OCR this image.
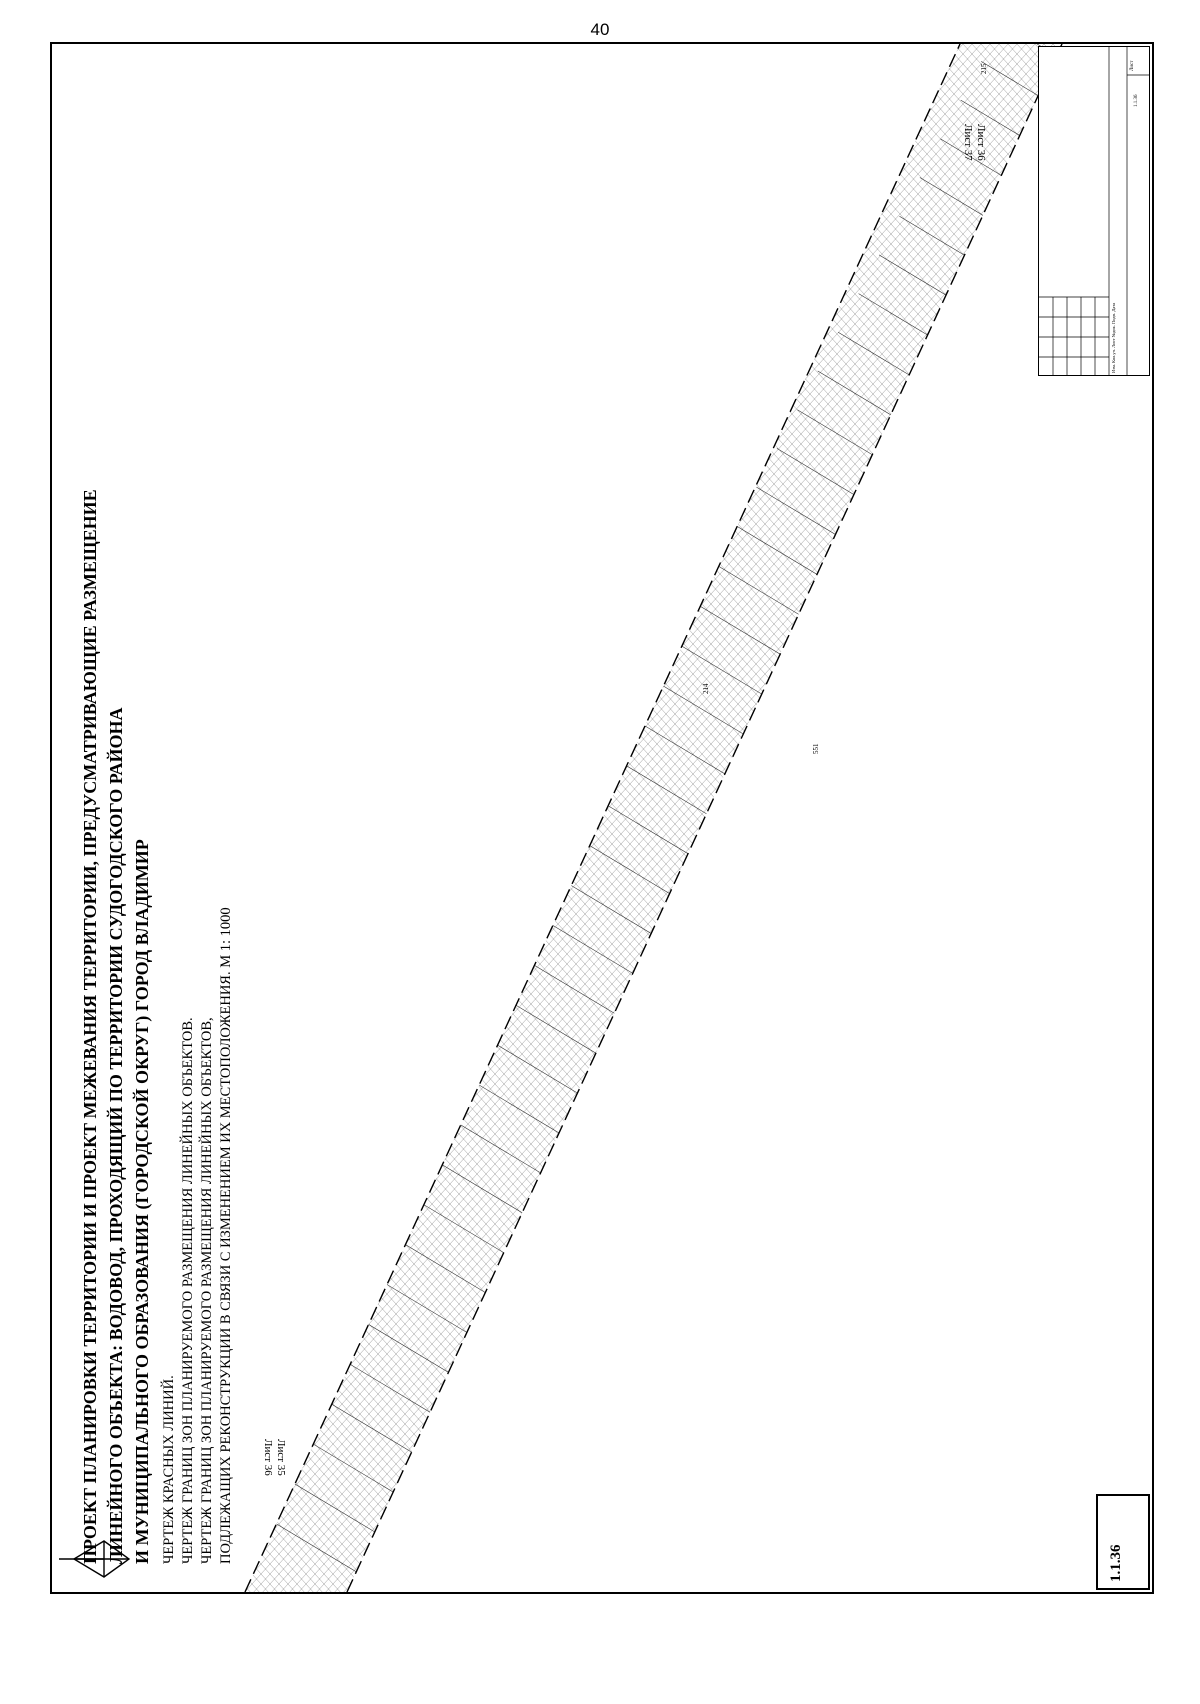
40
ПРОЕКТ ПЛАНИРОВКИ ТЕРРИТОРИИ И ПРОЕКТ МЕЖЕВАНИЯ ТЕРРИТОРИИ, ПРЕДУСМАТРИВАЮЩИЕ РАЗМЕЩЕНИЕ ЛИНЕЙНОГО ОБЪЕКТА: ВОДОВОД, ПРОХОДЯЩИЙ ПО ТЕРРИТОРИИ СУДОГОДСКОГО РАЙОНА И МУНИЦИПАЛЬНОГО ОБРАЗОВАНИЯ (ГОРОДСКОЙ ОКРУГ) ГОРОД ВЛАДИМИР ЧЕРТЕЖ КРАСНЫХ ЛИНИЙ. ЧЕРТЕЖ ГРАНИЦ ЗОН ПЛАНИРУЕМОГО РАЗМЕЩЕНИЯ ЛИНЕЙНЫХ ОБЪЕКТОВ. ЧЕРТЕЖ ГРАНИЦ ЗОН ПЛАНИРУЕМОГО РАЗМЕЩЕНИЯ ЛИНЕЙНЫХ ОБЪЕКТОВ, ПОДЛЕЖАЩИХ РЕКОНСТРУКЦИИ В СВЯЗИ С ИЗМЕНЕНИЕМ ИХ МЕСТОПОЛОЖЕНИЯ. М 1: 1000	Лист 35
Лист 36
Лист 36
Лист 37
214
551
215
1.1.36
Изм. Кол.уч. Лист №док. Подп. Дата
Лист
1.1.36
